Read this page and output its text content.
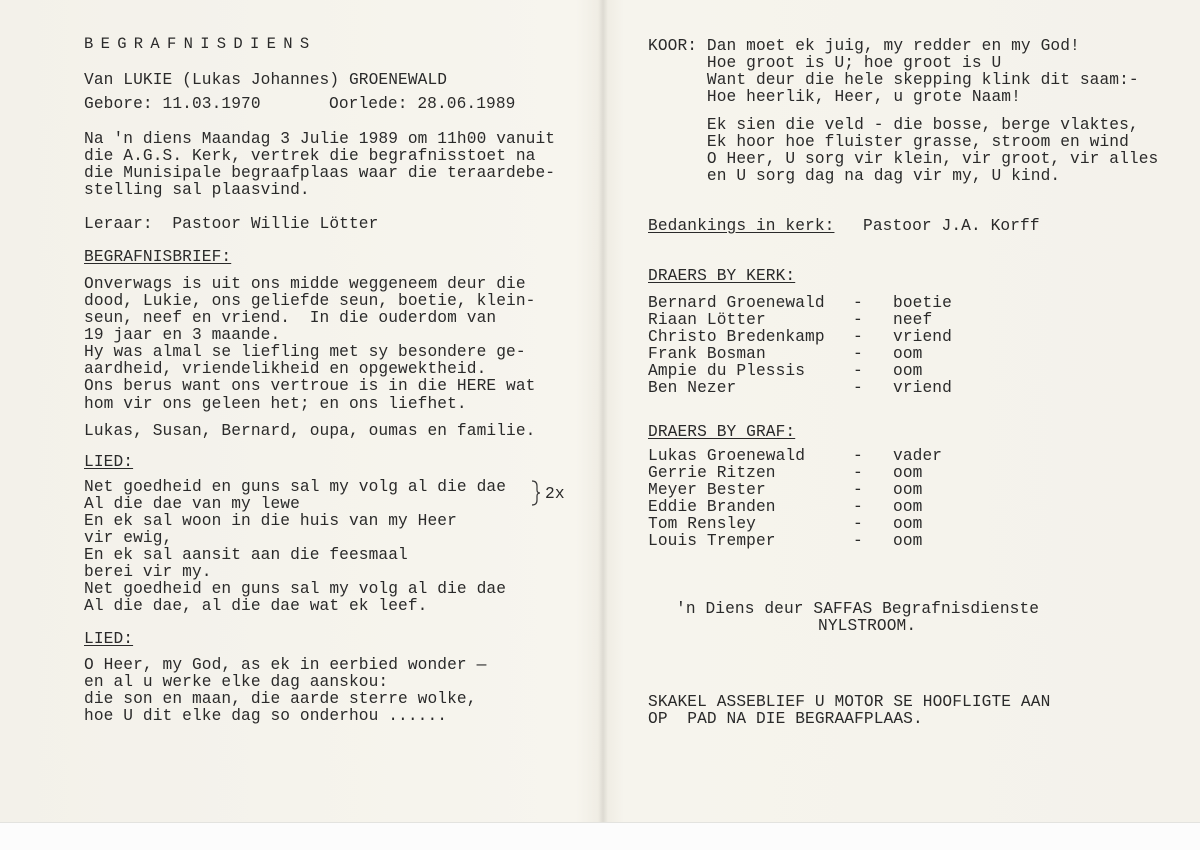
BEGRAFNISDIENS
Van LUKIE (Lukas Johannes) GROENEWALD
Gebore: 11.03.1970	Oorlede: 28.06.1989
Na 'n diens Maandag 3 Julie 1989 om 11h00 vanuit
die A.G.S. Kerk, vertrek die begrafnisstoet na
die Munisipale begraafplaas waar die teraardebe-
stelling sal plaasvind.
Leraar:  Pastoor Willie Lötter
BEGRAFNISBRIEF:
Onverwags is uit ons midde weggeneem deur die
dood, Lukie, ons geliefde seun, boetie, klein-
seun, neef en vriend.  In die ouderdom van
19 jaar en 3 maande.
Hy was almal se liefling met sy besondere ge-
aardheid, vriendelikheid en opgewektheid.
Ons berus want ons vertroue is in die HERE wat
hom vir ons geleen het; en ons liefhet.
Lukas, Susan, Bernard, oupa, oumas en familie.
LIED:
Net goedheid en guns sal my volg al die dae
Al die dae van my lewe
En ek sal woon in die huis van my Heer
vir ewig,
En ek sal aansit aan die feesmaal
berei vir my.
Net goedheid en guns sal my volg al die dae
Al die dae, al die dae wat ek leef.
2x
LIED:
O Heer, my God, as ek in eerbied wonder —
en al u werke elke dag aanskou:
die son en maan, die aarde sterre wolke,
hoe U dit elke dag so onderhou ......
KOOR: Dan moet ek juig, my redder en my God!
Hoe groot is U; hoe groot is U
Want deur die hele skepping klink dit saam:-
Hoe heerlik, Heer, u grote Naam!
Ek sien die veld - die bosse, berge vlaktes,
Ek hoor hoe fluister grasse, stroom en wind
O Heer, U sorg vir klein, vir groot, vir alles
en U sorg dag na dag vir my, U kind.
Bedankings in kerk: Pastoor J.A. Korff
DRAERS BY KERK:
Bernard Groenewald - boetie
Riaan Lötter	- neef
Christo Bredenkamp - vriend
Frank Bosman	- oom
Ampie du Plessis	- oom
Ben Nezer	- vriend
DRAERS BY GRAF:
Lukas Groenewald	- vader
Gerrie Ritzen	- oom
Meyer Bester	- oom
Eddie Branden	- oom
Tom Rensley	- oom
Louis Tremper	- oom
'n Diens deur SAFFAS Begrafnisdienste
NYLSTROOM.
SKAKEL ASSEBLIEF U MOTOR SE HOOFLIGTE AAN
OP  PAD NA DIE BEGRAAFPLAAS.
